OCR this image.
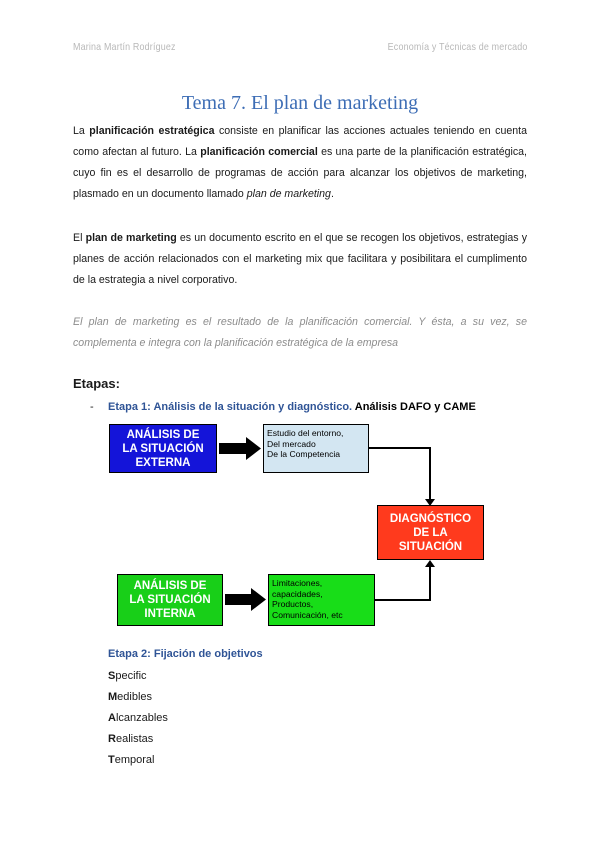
Marina Martín Rodríguez	Economía y Técnicas de mercado
Tema 7. El plan de marketing
La planificación estratégica consiste en planificar las acciones actuales teniendo en cuenta como afectan al futuro. La planificación comercial es una parte de la planificación estratégica, cuyo fin es el desarrollo de programas de acción para alcanzar los objetivos de marketing, plasmado en un documento llamado plan de marketing.
El plan de marketing es un documento escrito en el que se recogen los objetivos, estrategias y planes de acción relacionados con el marketing mix que facilitara y posibilitara el cumplimento de la estrategia a nivel corporativo.
El plan de marketing es el resultado de la planificación comercial. Y ésta, a su vez, se complementa e integra con la planificación estratégica de la empresa
Etapas:
- Etapa 1: Análisis de la situación y diagnóstico. Análisis DAFO y CAME
ANÁLISIS DE
LA SITUACIÓN
EXTERNA
Estudio del entorno,
Del mercado
De la Competencia
DIAGNÓSTICO
DE LA
SITUACIÓN
ANÁLISIS DE
LA SITUACIÓN
INTERNA
Limitaciones,
capacidades,
Productos,
Comunicación, etc
Etapa 2: Fijación de objetivos
Specific
Medibles
Alcanzables
Realistas
Temporal
